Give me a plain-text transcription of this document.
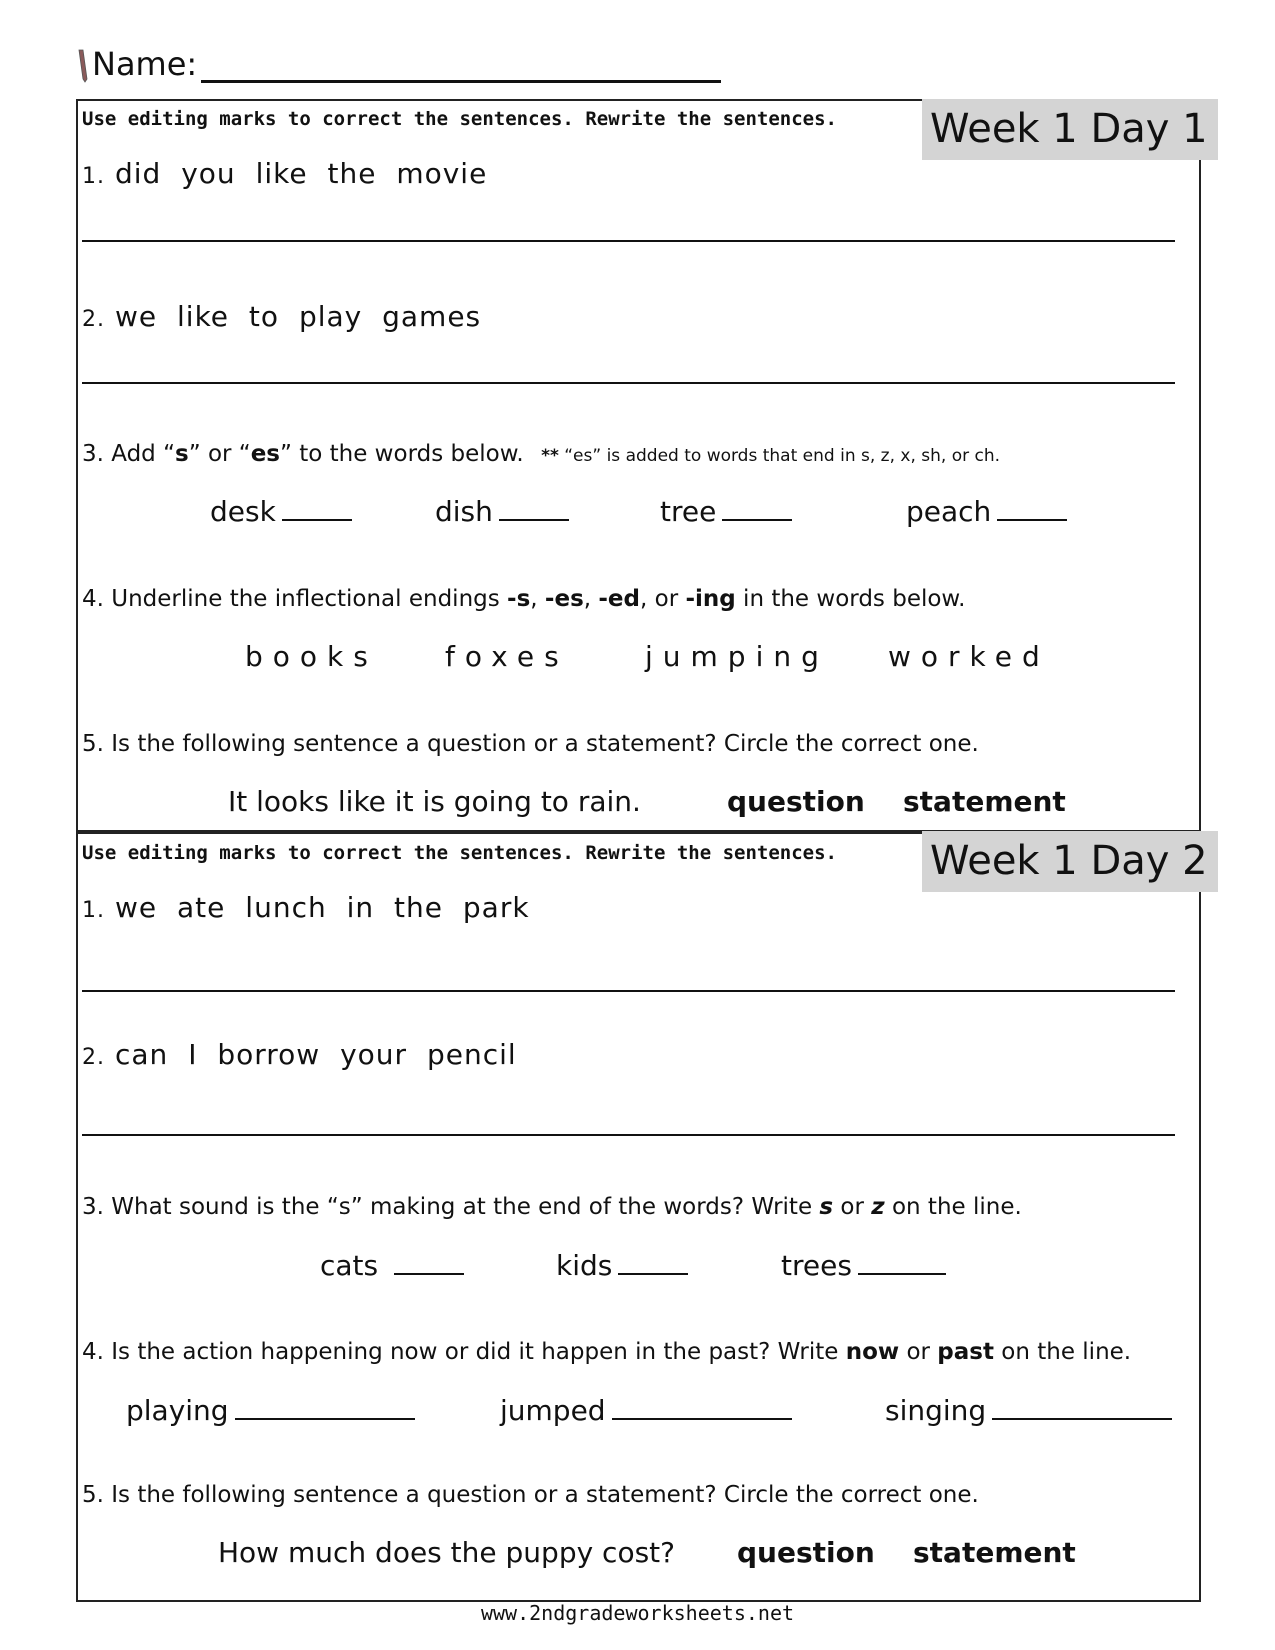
Name:
Week 1 Day 1
Use editing marks to correct the sentences. Rewrite the sentences.
1. did you like the movie
2. we like to play games
3. Add “s” or “es” to the words below. ** “es” is added to words that end in s, z, x, sh, or ch.
desk	dish	tree	peach
4. Underline the inflectional endings -s, -es, -ed, or -ing in the words below.
books foxes	jumping worked
5. Is the following sentence a question or a statement? Circle the correct one.
It looks like it is going to rain.	question statement
Week 1 Day 2
Use editing marks to correct the sentences. Rewrite the sentences.
1. we ate lunch in the park
2. can I borrow your pencil
3. What sound is the “s” making at the end of the words? Write s or z on the line.
cats	kids	trees
4. Is the action happening now or did it happen in the past? Write now or past on the line.
playing	jumped	singing
5. Is the following sentence a question or a statement? Circle the correct one.
How much does the puppy cost? question statement
www.2ndgradeworksheets.net
